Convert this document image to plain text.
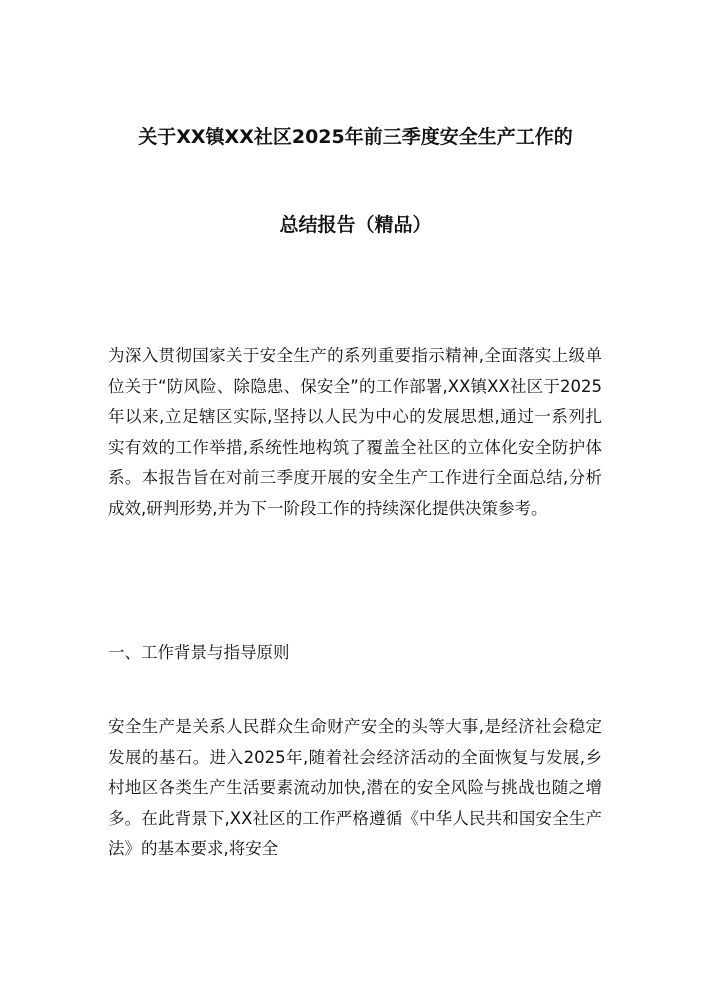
关于XX镇XX社区2025年前三季度安全生产工作的
总结报告（精品）

为深入贯彻国家关于安全生产的系列重要指示精神,全面落实上级单位关于“防风险、除隐患、保安全”的工作部署,XX镇XX社区于2025年以来,立足辖区实际,坚持以人民为中心的发展思想,通过一系列扎实有效的工作举措,系统性地构筑了覆盖全社区的立体化安全防护体系。本报告旨在对前三季度开展的安全生产工作进行全面总结,分析成效,研判形势,并为下一阶段工作的持续深化提供决策参考。

一、工作背景与指导原则

安全生产是关系人民群众生命财产安全的头等大事,是经济社会稳定发展的基石。进入2025年,随着社会经济活动的全面恢复与发展,乡村地区各类生产生活要素流动加快,潜在的安全风险与挑战也随之增多。在此背景下,XX社区的工作严格遵循《中华人民共和国安全生产法》的基本要求,将安全
